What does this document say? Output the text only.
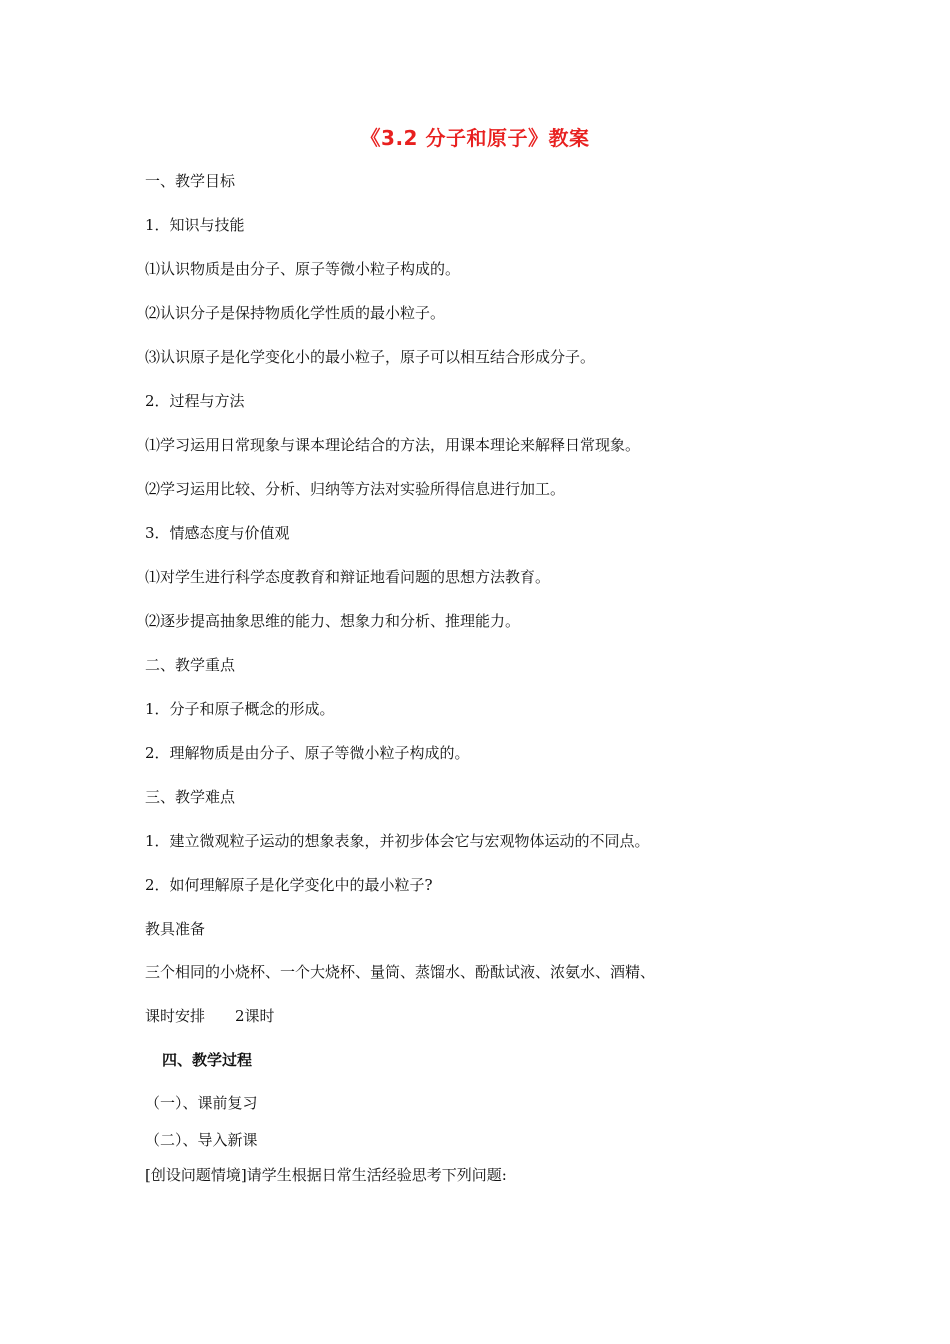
《3.2 分子和原子》教案
一、教学目标
1．知识与技能
⑴认识物质是由分子、原子等微小粒子构成的。
⑵认识分子是保持物质化学性质的最小粒子。
⑶认识原子是化学变化小的最小粒子，原子可以相互结合形成分子。
2．过程与方法
⑴学习运用日常现象与课本理论结合的方法，用课本理论来解释日常现象。
⑵学习运用比较、分析、归纳等方法对实验所得信息进行加工。
3．情感态度与价值观
⑴对学生进行科学态度教育和辩证地看问题的思想方法教育。
⑵逐步提高抽象思维的能力、想象力和分析、推理能力。
二、教学重点
1．分子和原子概念的形成。
2．理解物质是由分子、原子等微小粒子构成的。
三、教学难点
1．建立微观粒子运动的想象表象，并初步体会它与宏观物体运动的不同点。
2．如何理解原子是化学变化中的最小粒子?
教具准备
三个相同的小烧杯、一个大烧杯、量筒、蒸馏水、酚酞试液、浓氨水、酒精、
课时安排　　2课时
四、教学过程
（一）、课前复习
（二）、导入新课
[创设问题情境]请学生根据日常生活经验思考下列问题:
